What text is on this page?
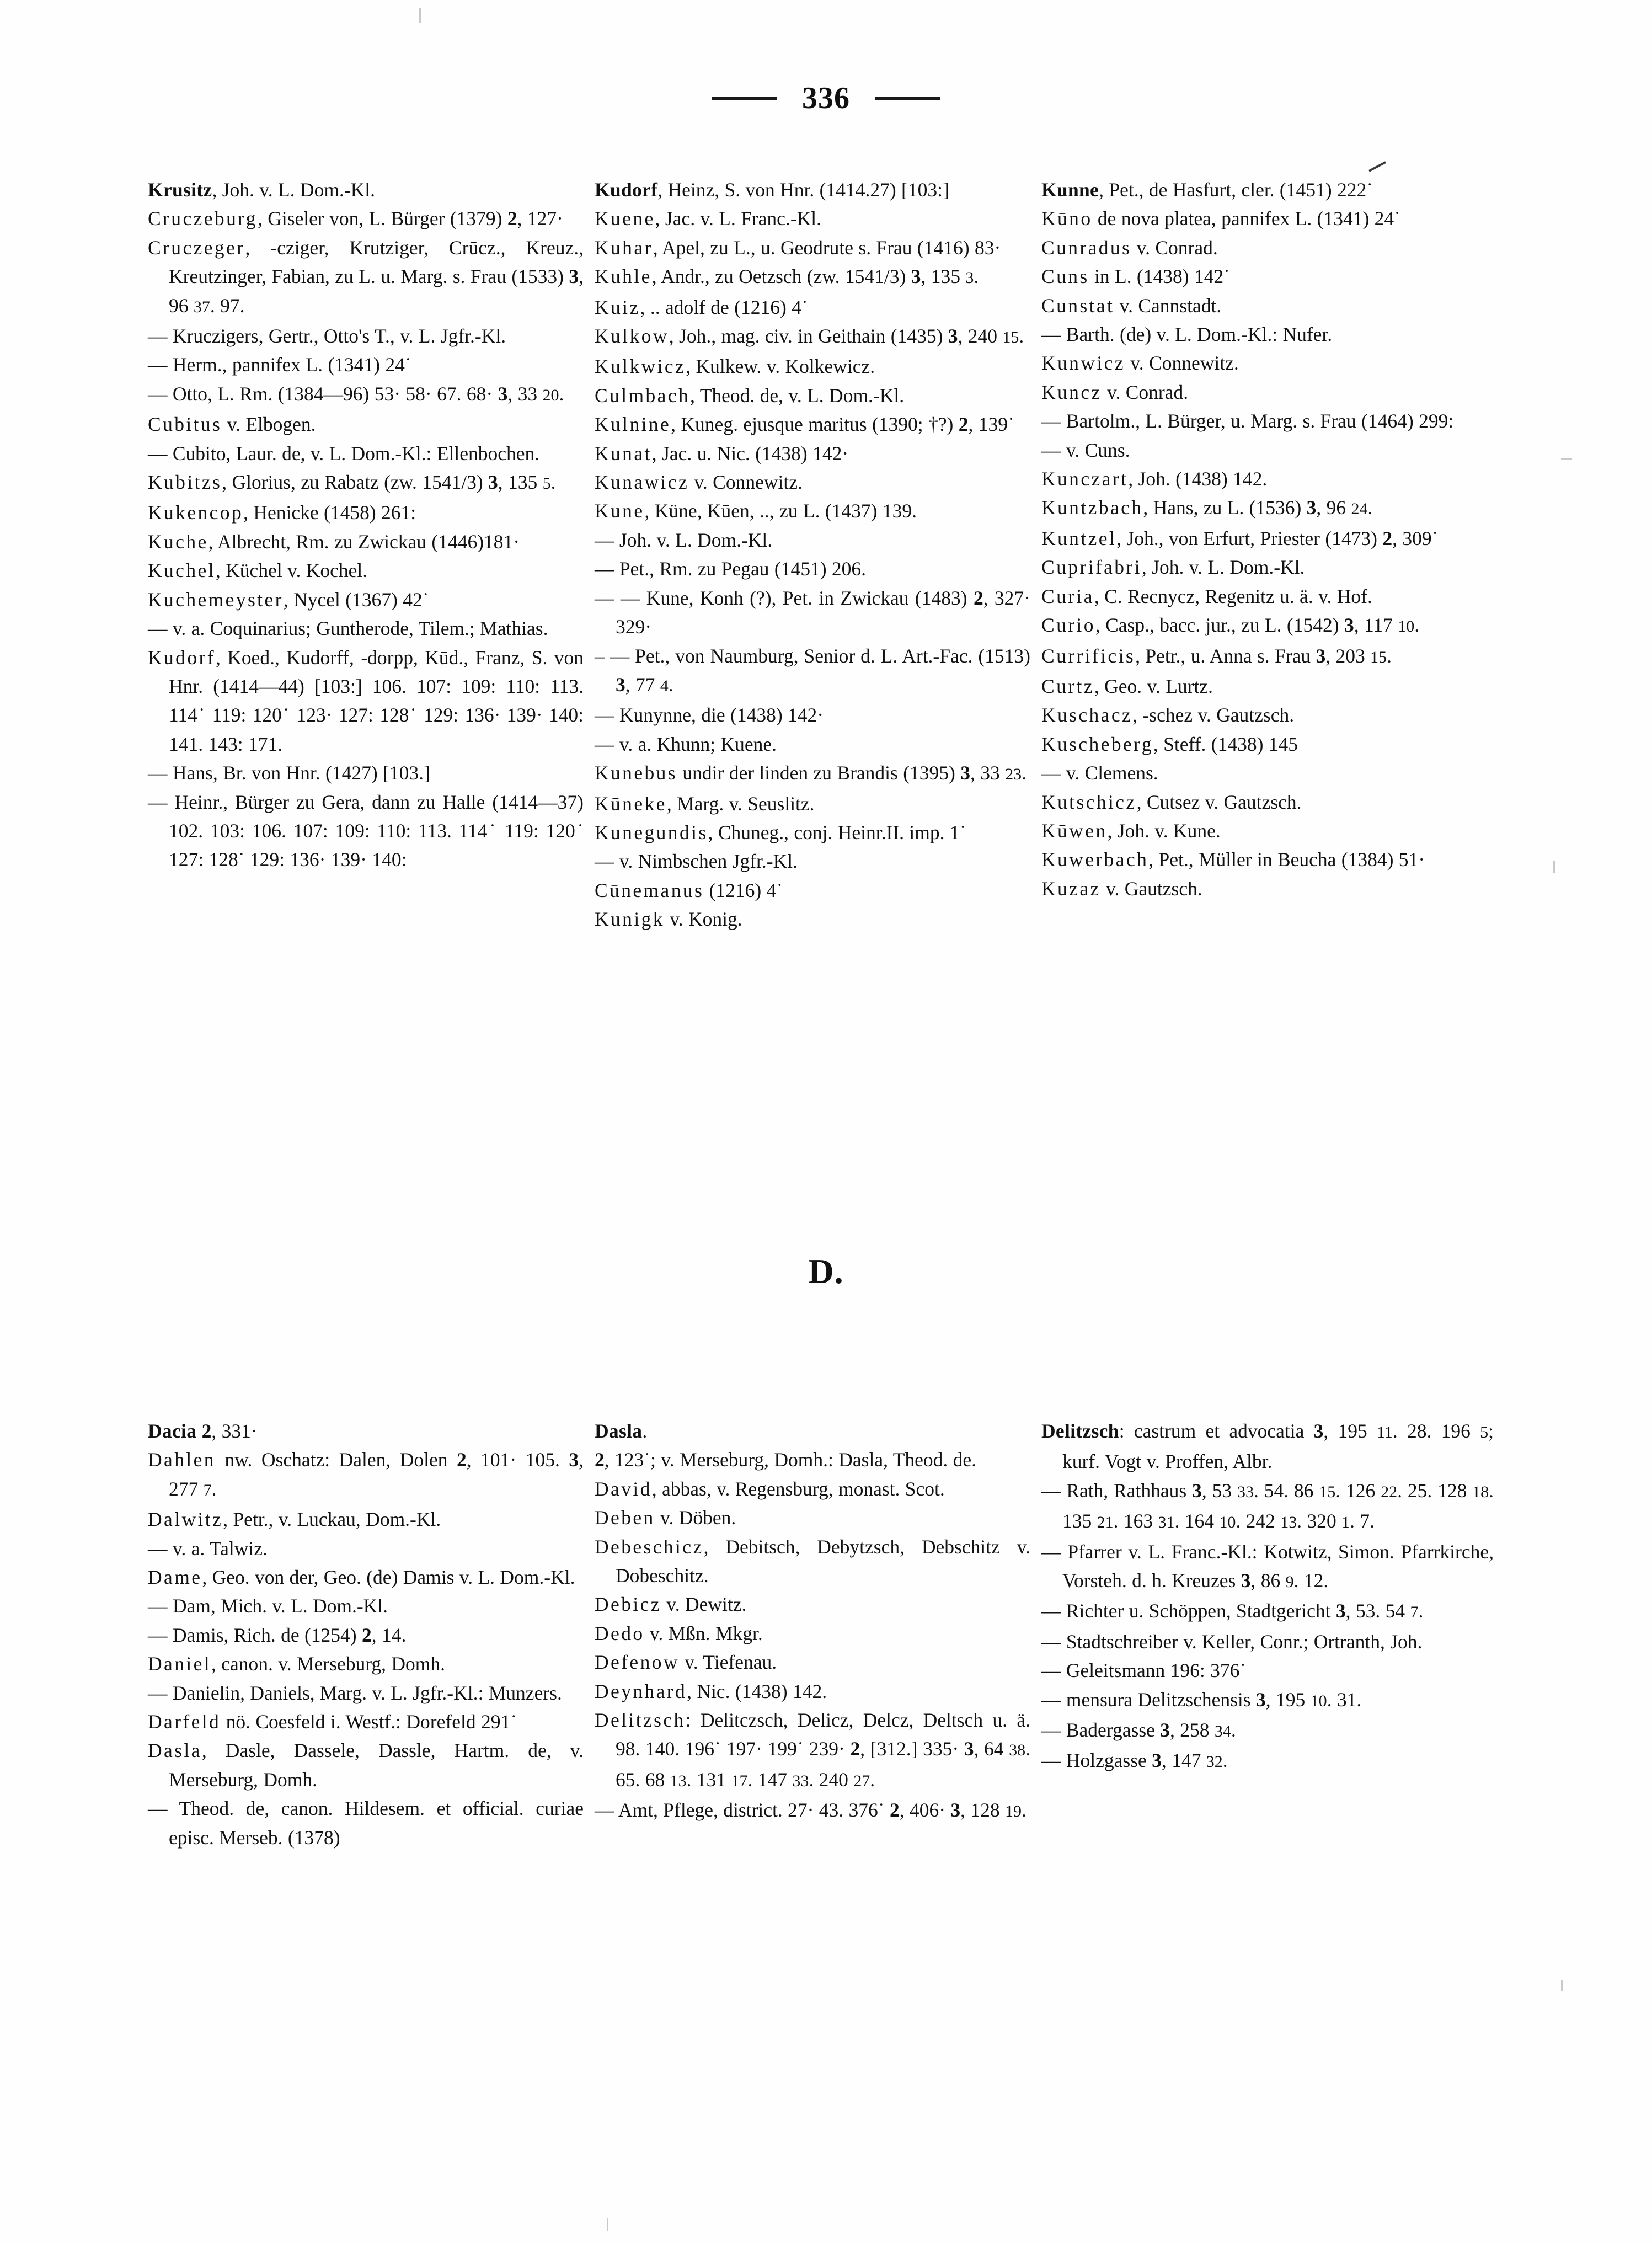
336

Krusitz, Joh. v. L. Dom.-Kl.

Cruczeburg, Giseler von, L. Bürger (1379) 2, 127·

Cruczeger, -cziger, Krutziger, Crūcz., Kreuz., Kreutzinger, Fabian, zu L. u. Marg. s. Frau (1533) 3, 96 37. 97.

— Kruczigers, Gertr., Otto's T., v. L. Jgfr.-Kl.

— Herm., pannifex L. (1341) 24˙

— Otto, L. Rm. (1384—96) 53· 58· 67. 68· 3, 33 20.

Cubitus v. Elbogen.

— Cubito, Laur. de, v. L. Dom.-Kl.: Ellenbochen.

Kubitzs, Glorius, zu Rabatz (zw. 1541/3) 3, 135 5.

Kukencop, Henicke (1458) 261:

Kuche, Albrecht, Rm. zu Zwickau (1446)181·

Kuchel, Küchel v. Kochel.

Kuchemeyster, Nycel (1367) 42˙

— v. a. Coquinarius; Guntherode, Tilem.; Mathias.

Kudorf, Koed., Kudorff, -dorpp, Kūd., Franz, S. von Hnr. (1414—44) [103:] 106. 107: 109: 110: 113. 114˙ 119: 120˙ 123· 127: 128˙ 129: 136· 139· 140: 141. 143: 171.

— Hans, Br. von Hnr. (1427) [103.]

— Heinr., Bürger zu Gera, dann zu Halle (1414—37) 102. 103: 106. 107: 109: 110: 113. 114˙ 119: 120˙ 127: 128˙ 129: 136· 139· 140:

Kudorf, Heinz, S. von Hnr. (1414.27) [103:]

Kuene, Jac. v. L. Franc.-Kl.

Kuhar, Apel, zu L., u. Geodrute s. Frau (1416) 83·

Kuhle, Andr., zu Oetzsch (zw. 1541/3) 3, 135 3.

Kuiz, .. adolf de (1216) 4˙

Kulkow, Joh., mag. civ. in Geithain (1435) 3, 240 15.

Kulkwicz, Kulkew. v. Kolkewicz.

Culmbach, Theod. de, v. L. Dom.-Kl.

Kulnine, Kuneg. ejusque maritus (1390; †?) 2, 139˙

Kunat, Jac. u. Nic. (1438) 142·

Kunawicz v. Connewitz.

Kune, Küne, Kūen, .., zu L. (1437) 139.

— Joh. v. L. Dom.-Kl.

— Pet., Rm. zu Pegau (1451) 206.

— — Kune, Konh (?), Pet. in Zwickau (1483) 2, 327· 329·

– — Pet., von Naumburg, Senior d. L. Art.-Fac. (1513) 3, 77 4.

— Kunynne, die (1438) 142·

— v. a. Khunn; Kuene.

Kunebus undir der linden zu Brandis (1395) 3, 33 23.

Kūneke, Marg. v. Seuslitz.

Kunegundis, Chuneg., conj. Heinr.II. imp. 1˙

— v. Nimbschen Jgfr.-Kl.

Cūnemanus (1216) 4˙

Kunigk v. Konig.

Kunne, Pet., de Hasfurt, cler. (1451) 222˙

Kūno de nova platea, pannifex L. (1341) 24˙

Cunradus v. Conrad.

Cuns in L. (1438) 142˙

Cunstat v. Cannstadt.

— Barth. (de) v. L. Dom.-Kl.: Nufer.

Kunwicz v. Connewitz.

Kuncz v. Conrad.

— Bartolm., L. Bürger, u. Marg. s. Frau (1464) 299:

— v. Cuns.

Kunczart, Joh. (1438) 142.

Kuntzbach, Hans, zu L. (1536) 3, 96 24.

Kuntzel, Joh., von Erfurt, Priester (1473) 2, 309˙

Cuprifabri, Joh. v. L. Dom.-Kl.

Curia, C. Recnycz, Regenitz u. ä. v. Hof.

Curio, Casp., bacc. jur., zu L. (1542) 3, 117 10.

Currificis, Petr., u. Anna s. Frau 3, 203 15.

Curtz, Geo. v. Lurtz.

Kuschacz, -schez v. Gautzsch.

Kuscheberg, Steff. (1438) 145

— v. Clemens.

Kutschicz, Cutsez v. Gautzsch.

Kūwen, Joh. v. Kune.

Kuwerbach, Pet., Müller in Beucha (1384) 51·

Kuzaz v. Gautzsch.

D.

Dacia 2, 331·

Dahlen nw. Oschatz: Dalen, Dolen 2, 101· 105. 3, 277 7.

Dalwitz, Petr., v. Luckau, Dom.-Kl.

— v. a. Talwiz.

Dame, Geo. von der, Geo. (de) Damis v. L. Dom.-Kl.

— Dam, Mich. v. L. Dom.-Kl.

— Damis, Rich. de (1254) 2, 14.

Daniel, canon. v. Merseburg, Domh.

— Danielin, Daniels, Marg. v. L. Jgfr.-Kl.: Munzers.

Darfeld nö. Coesfeld i. Westf.: Dorefeld 291˙

Dasla, Dasle, Dassele, Dassle, Hartm. de, v. Merseburg, Domh.

— Theod. de, canon. Hildesem. et official. curiae episc. Merseb. (1378)

Dasla.

2, 123˙; v. Merseburg, Domh.: Dasla, Theod. de.

David, abbas, v. Regensburg, monast. Scot.

Deben v. Döben.

Debeschicz, Debitsch, Debytzsch, Debschitz v. Dobeschitz.

Debicz v. Dewitz.

Dedo v. Mßn. Mkgr.

Defenow v. Tiefenau.

Deynhard, Nic. (1438) 142.

Delitzsch: Delitczsch, Delicz, Delcz, Deltsch u. ä. 98. 140. 196˙ 197· 199˙ 239· 2, [312.] 335· 3, 64 38. 65. 68 13. 131 17. 147 33. 240 27.

— Amt, Pflege, district. 27· 43. 376˙ 2, 406· 3, 128 19.

Delitzsch: castrum et advocatia 3, 195 11. 28. 196 5; kurf. Vogt v. Proffen, Albr.

— Rath, Rathhaus 3, 53 33. 54. 86 15. 126 22. 25. 128 18. 135 21. 163 31. 164 10. 242 13. 320 1. 7.

— Pfarrer v. L. Franc.-Kl.: Kotwitz, Simon. Pfarrkirche, Vorsteh. d. h. Kreuzes 3, 86 9. 12.

— Richter u. Schöppen, Stadtgericht 3, 53. 54 7.

— Stadtschreiber v. Keller, Conr.; Ortranth, Joh.

— Geleitsmann 196: 376˙

— mensura Delitzschensis 3, 195 10. 31.

— Badergasse 3, 258 34.

— Holzgasse 3, 147 32.
